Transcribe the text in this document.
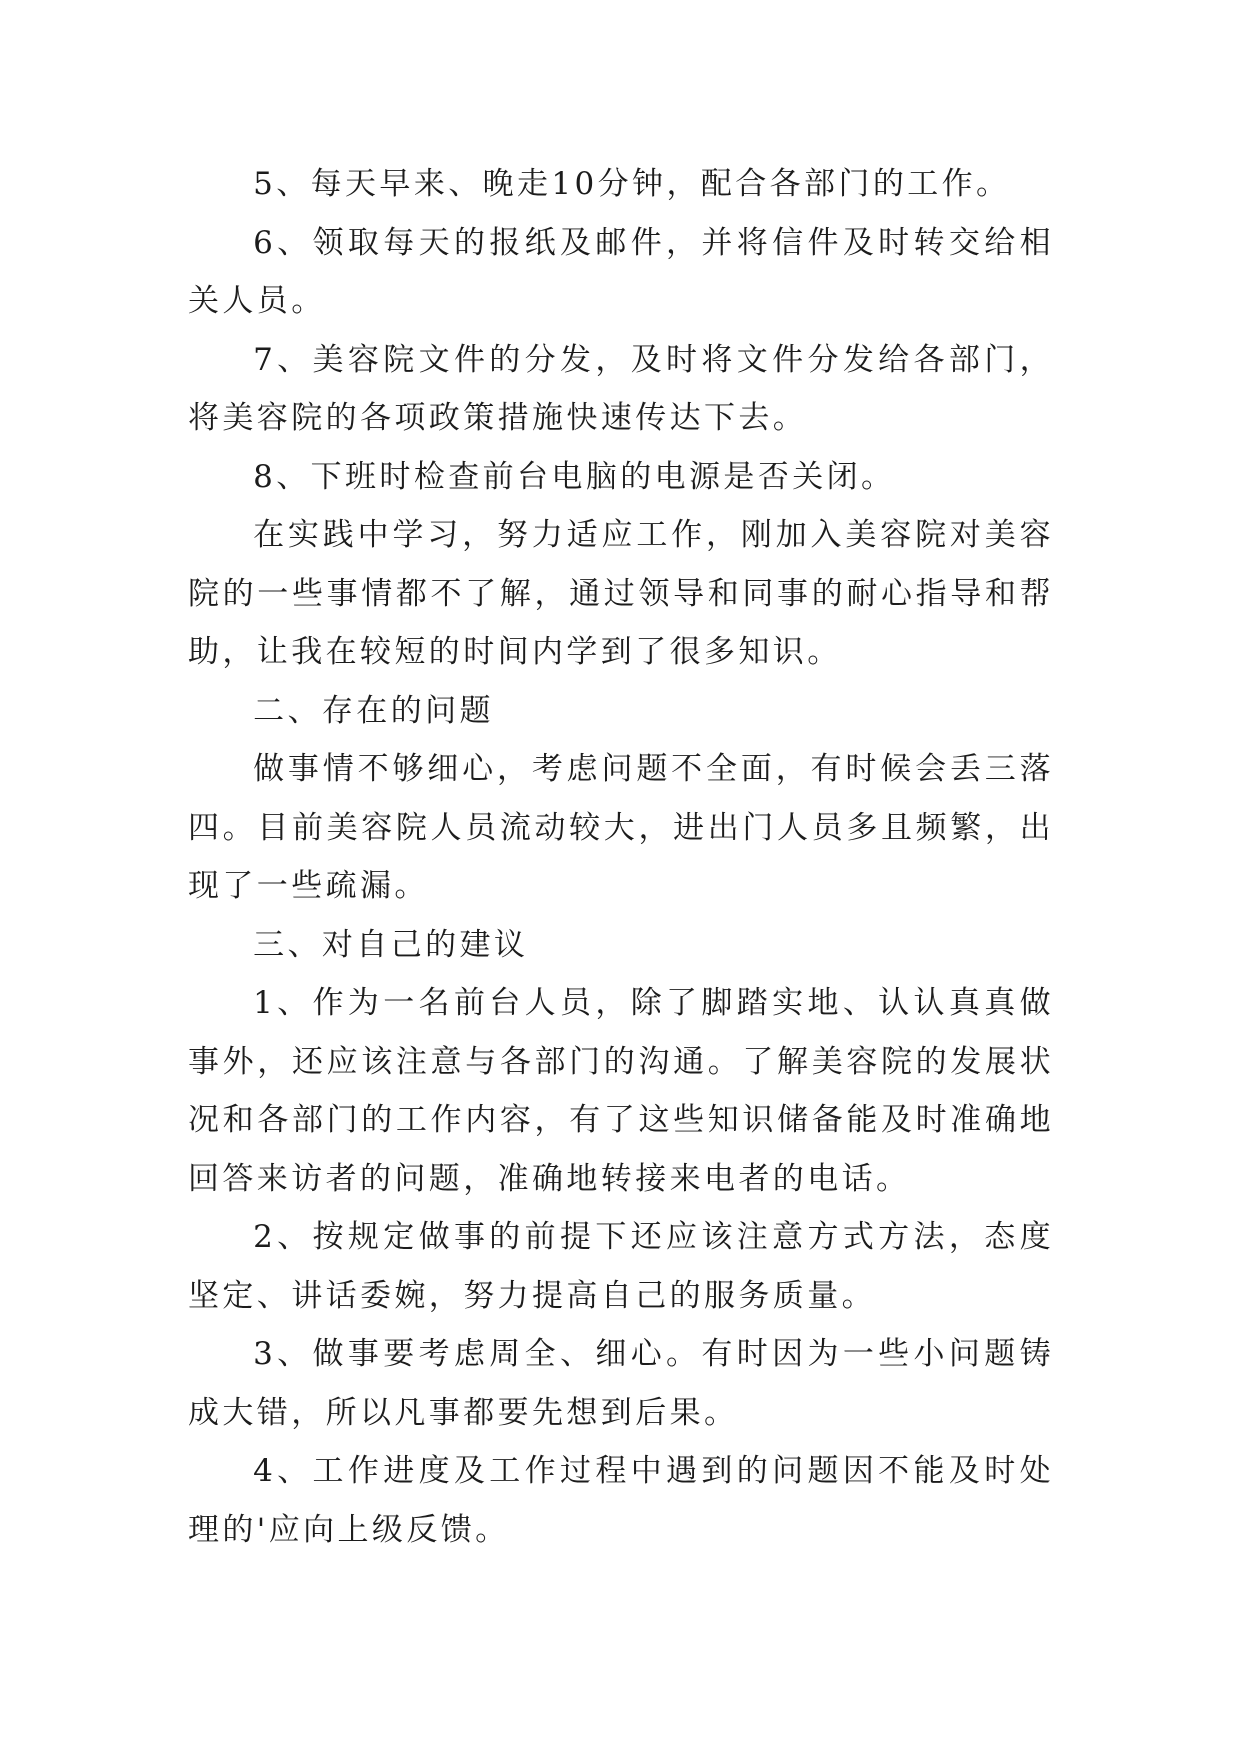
5、每天早来、晚走10分钟，配合各部门的工作。

6、领取每天的报纸及邮件，并将信件及时转交给相关人员。

7、美容院文件的分发，及时将文件分发给各部门，将美容院的各项政策措施快速传达下去。

8、下班时检查前台电脑的电源是否关闭。

在实践中学习，努力适应工作，刚加入美容院对美容院的一些事情都不了解，通过领导和同事的耐心指导和帮助，让我在较短的时间内学到了很多知识。

二、存在的问题

做事情不够细心，考虑问题不全面，有时候会丢三落四。目前美容院人员流动较大，进出门人员多且频繁，出现了一些疏漏。

三、对自己的建议

1、作为一名前台人员，除了脚踏实地、认认真真做事外，还应该注意与各部门的沟通。了解美容院的发展状况和各部门的工作内容，有了这些知识储备能及时准确地回答来访者的问题，准确地转接来电者的电话。

2、按规定做事的前提下还应该注意方式方法，态度坚定、讲话委婉，努力提高自己的服务质量。

3、做事要考虑周全、细心。有时因为一些小问题铸成大错，所以凡事都要先想到后果。

4、工作进度及工作过程中遇到的问题因不能及时处理的'应向上级反馈。
